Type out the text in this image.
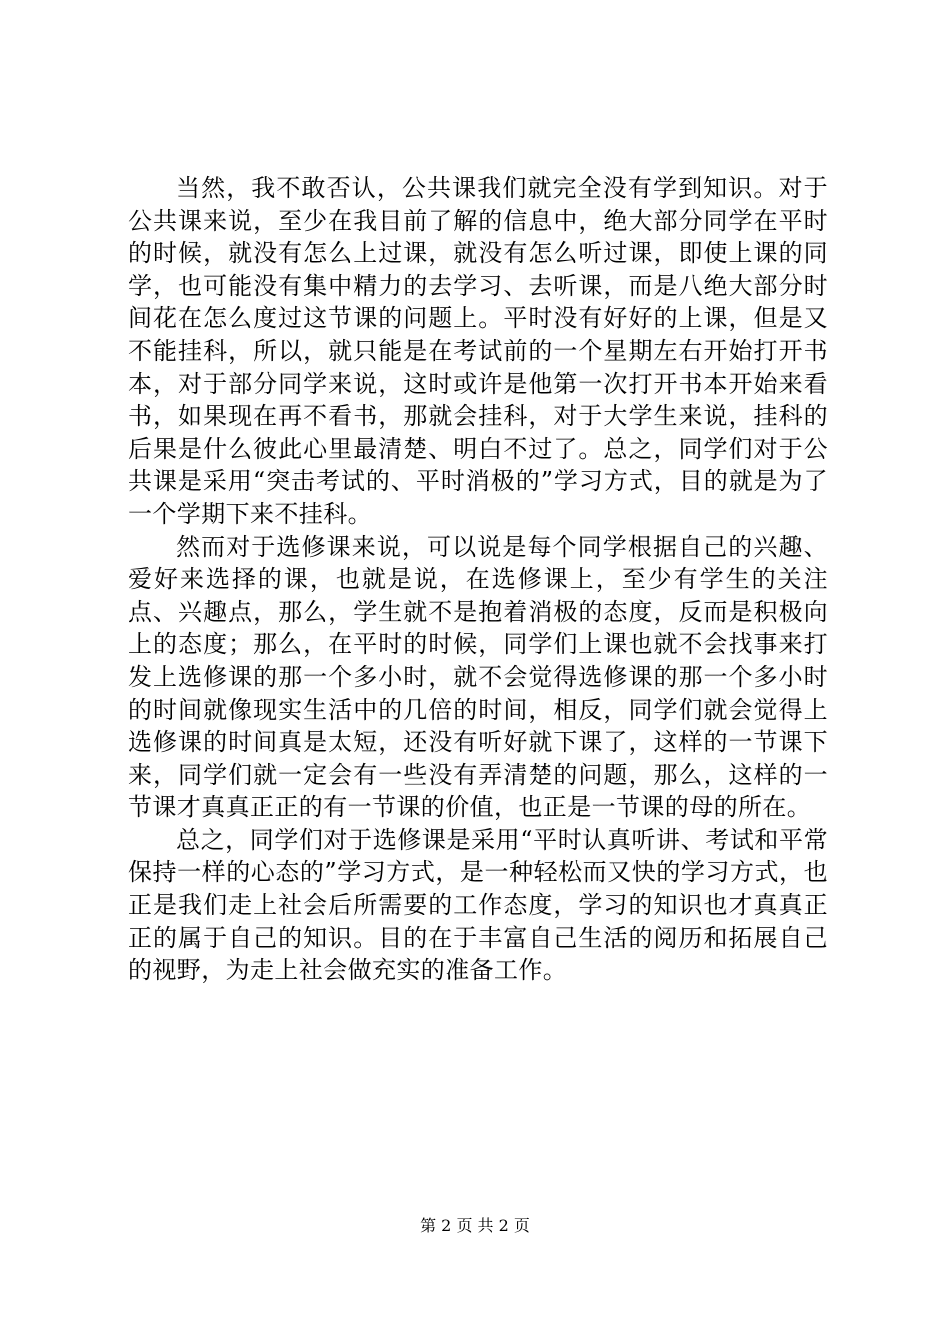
当然，我不敢否认，公共课我们就完全没有学到知识。对于公共课来说，至少在我目前了解的信息中，绝大部分同学在平时的时候，就没有怎么上过课，就没有怎么听过课，即使上课的同学，也可能没有集中精力的去学习、去听课，而是八绝大部分时间花在怎么度过这节课的问题上。平时没有好好的上课，但是又不能挂科，所以，就只能是在考试前的一个星期左右开始打开书本，对于部分同学来说，这时或许是他第一次打开书本开始来看书，如果现在再不看书，那就会挂科，对于大学生来说，挂科的后果是什么彼此心里最清楚、明白不过了。总之，同学们对于公共课是采用“突击考试的、平时消极的”学习方式，目的就是为了一个学期下来不挂科。

然而对于选修课来说，可以说是每个同学根据自己的兴趣、爱好来选择的课，也就是说，在选修课上，至少有学生的关注点、兴趣点，那么，学生就不是抱着消极的态度，反而是积极向上的态度；那么，在平时的时候，同学们上课也就不会找事来打发上选修课的那一个多小时，就不会觉得选修课的那一个多小时的时间就像现实生活中的几倍的时间，相反，同学们就会觉得上选修课的时间真是太短，还没有听好就下课了，这样的一节课下来，同学们就一定会有一些没有弄清楚的问题，那么，这样的一节课才真真正正的有一节课的价值，也正是一节课的母的所在。

总之，同学们对于选修课是采用“平时认真听讲、考试和平常保持一样的心态的”学习方式，是一种轻松而又快的学习方式，也正是我们走上社会后所需要的工作态度，学习的知识也才真真正正的属于自己的知识。目的在于丰富自己生活的阅历和拓展自己的视野，为走上社会做充实的准备工作。

第 2 页 共 2 页
